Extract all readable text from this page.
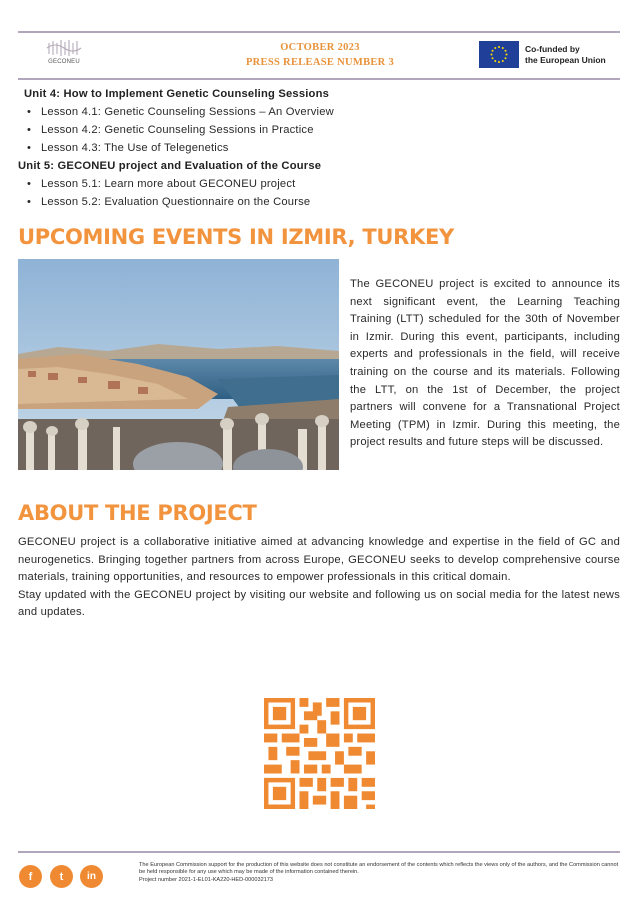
GECONEU
OCTOBER 2023
PRESS RELEASE NUMBER 3
Co-funded by
the European Union
Unit 4: How to Implement Genetic Counseling Sessions
• Lesson 4.1: Genetic Counseling Sessions – An Overview
• Lesson 4.2: Genetic Counseling Sessions in Practice
• Lesson 4.3: The Use of Telegenetics
Unit 5: GECONEU project and Evaluation of the Course
• Lesson 5.1: Learn more about GECONEU project
• Lesson 5.2: Evaluation Questionnaire on the Course
UPCOMING EVENTS IN IZMIR, TURKEY
The GECONEU project is excited to announce its next significant event, the Learning Teaching Training (LTT) scheduled for the 30th of November in Izmir. During this event, participants, including experts and professionals in the field, will receive training on the course and its materials. Following the LTT, on the 1st of December, the project partners will convene for a Transnational Project Meeting (TPM) in Izmir. During this meeting, the project results and future steps will be discussed.
ABOUT THE PROJECT

GECONEU project is a collaborative initiative aimed at advancing knowledge and expertise in the field of GC and neurogenetics. Bringing together partners from across Europe, GECONEU seeks to develop comprehensive course materials, training opportunities, and resources to empower professionals in this critical domain.

Stay updated with the GECONEU project by visiting our website and following us on social media for the latest news and updates.

f	t	in
The European Commission support for the production of this website does not constitute an endorsement of the contents which reflects the views only of the authors, and the Commission cannot be held responsible for any use which may be made of the information contained therein.
Project number 2021-1-EL01-KA220-HED-000032173
